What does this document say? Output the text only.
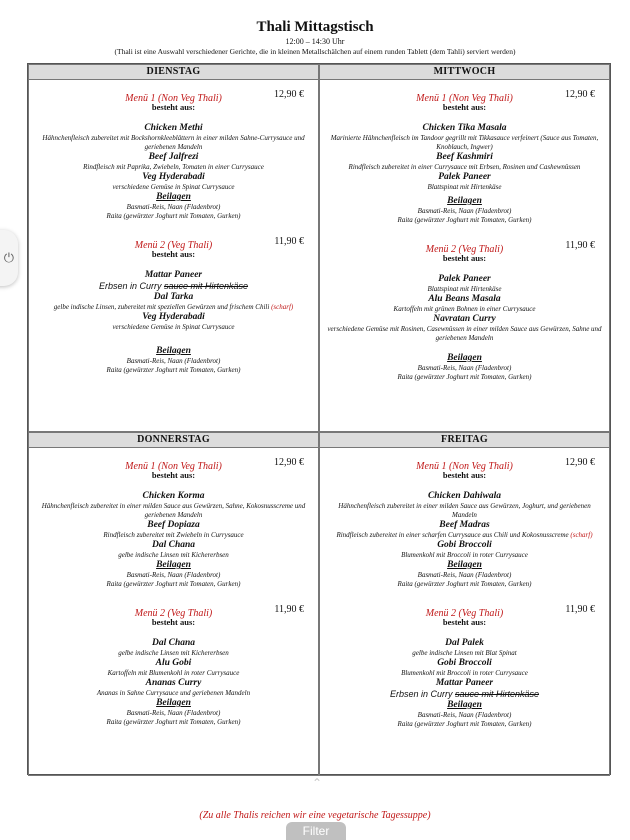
⏻
Thali Mittagstisch
12:00 – 14:30 Uhr
(Thali ist eine Auswahl verschiedener Gerichte, die in kleinen Metallschälchen auf einem runden Tablett (dem Tahli) serviert werden)
DIENSTAG
Menü 1 (Non Veg Thali)	12,90 €
besteht aus:
Chicken Methi
Hähnchenfleisch zubereitet mit Bockshornkleeblättern in einer milden Sahne-Currysauce und geriebenen Mandeln
Beef Jalfrezi
Rindfleisch mit Paprika, Zwiebeln, Tomaten in einer Currysauce
Veg Hyderabadi
verschiedene Gemüse in Spinat Currysauce
Beilagen
Basmati-Reis, Naan (Fladenbrot)
Raita (gewürzter Joghurt mit Tomaten, Gurken)
Menü 2 (Veg Thali)	11,90 €
besteht aus:
Mattar Paneer
Erbsen in Curry sauce mit Hirtenkäse
Dal Tarka
gelbe indische Linsen, zubereitet mit speziellen Gewürzen und frischem Chili (scharf)
Veg Hyderabadi
verschiedene Gemüse in Spinat Currysauce
Beilagen
Basmati-Reis, Naan (Fladenbrot)
Raita (gewürzter Joghurt mit Tomaten, Gurken)
MITTWOCH
Menü 1 (Non Veg Thali)	12,90 €
besteht aus:
Chicken Tika Masala
Marinierte Hähnchenfleisch im Tandoor gegrillt mit Tikkasauce verfeinert (Sauce aus Tomaten, Knoblauch, Ingwer)
Beef Kashmiri
Rindfleisch zubereitet in einer Currysauce mit Erbsen, Rosinen und Cashewnüssen
Palek Paneer
Blattspinat mit Hirtenkäse
Beilagen
Basmati-Reis, Naan (Fladenbrot)
Raita (gewürzter Joghurt mit Tomaten, Gurken)
Menü 2 (Veg Thali)	11,90 €
besteht aus:
Palek Paneer
Blattspinat mit Hirtenkäse
Alu Beans Masala
Kartoffeln mit grünen Bohnen in einer Currysauce
Navratan Curry
verschiedene Gemüse mit Rosinen, Casewnüssen in einer milden Sauce aus Gewürzen, Sahne und geriebenen Mandeln
Beilagen
Basmati-Reis, Naan (Fladenbrot)
Raita (gewürzter Joghurt mit Tomaten, Gurken)
DONNERSTAG
Menü 1 (Non Veg Thali)	12,90 €
besteht aus:
Chicken Korma
Hähnchenfleisch zubereitet in einer milden Sauce aus Gewürzen, Sahne, Kokosnusscreme und geriebenen Mandeln
Beef Dopiaza
Rindfleisch zubereitet mit Zwiebeln in Currysauce
Dal Chana
gelbe indische Linsen mit Kichererbsen
Beilagen
Basmati-Reis, Naan (Fladenbrot)
Raita (gewürzter Joghurt mit Tomaten, Gurken)
Menü 2 (Veg Thali)	11,90 €
besteht aus:
Dal Chana
gelbe indische Linsen mit Kichererbsen
Alu Gobi
Kartoffeln mit Blumenkohl in roter Currysauce
Ananas Curry
Ananas in Sahne Currysauce und geriebenen Mandeln
Beilagen
Basmati-Reis, Naan (Fladenbrot)
Raita (gewürzter Joghurt mit Tomaten, Gurken)
FREITAG
Menü 1 (Non Veg Thali)	12,90 €
besteht aus:
Chicken Dahiwala
Hähnchenfleisch zubereitet in einer milden Sauce aus Gewürzen, Joghurt, und geriebenen Mandeln
Beef Madras
Rindfleisch zubereitet in einer scharfen Currysauce aus Chili und Kokosnusscreme (scharf)
Gobi Broccoli
Blumenkohl mit Broccoli in roter Currysauce
Beilagen
Basmati-Reis, Naan (Fladenbrot)
Raita (gewürzter Joghurt mit Tomaten, Gurken)
Menü 2 (Veg Thali)	11,90 €
besteht aus:
Dal Palek
gelbe indische Linsen mit Blat Spinat
Gobi Broccoli
Blumenkohl mit Broccoli in roter Currysauce
Mattar Paneer
Erbsen in Curry sauce mit Hirtenkäse
Beilagen
Basmati-Reis, Naan (Fladenbrot)
Raita (gewürzter Joghurt mit Tomaten, Gurken)
⌃
(Zu alle Thalis reichen wir eine vegetarische Tagessuppe)
Filter
